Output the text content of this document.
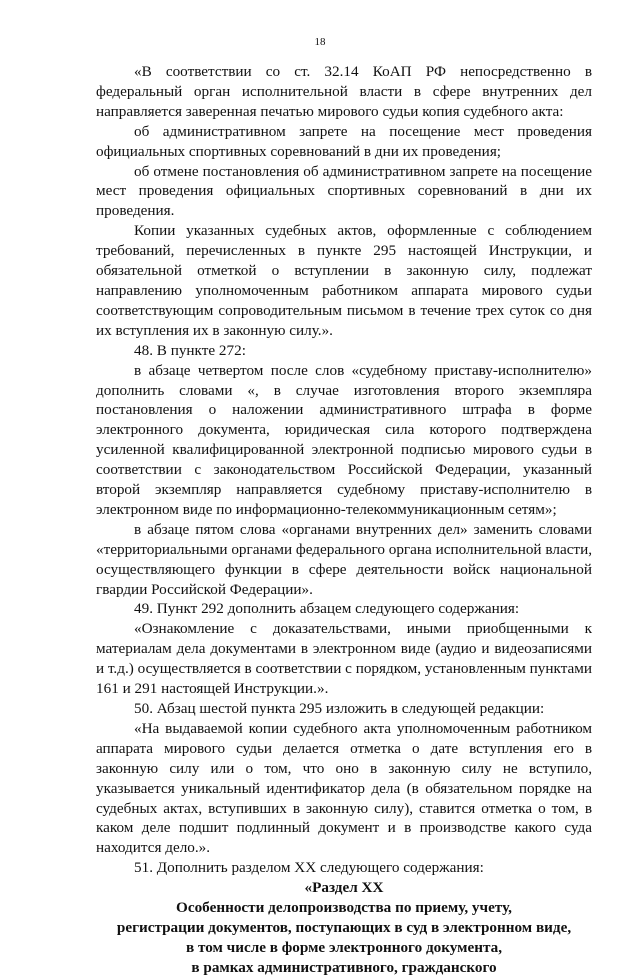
18

«В соответствии со ст. 32.14 КоАП РФ непосредственно в федеральный орган исполнительной власти в сфере внутренних дел направляется заверенная печатью мирового судьи копия судебного акта:

об административном запрете на посещение мест проведения официальных спортивных соревнований в дни их проведения;

об отмене постановления об административном запрете на посещение мест проведения официальных спортивных соревнований в дни их проведения.

Копии указанных судебных актов, оформленные с соблюдением требований, перечисленных в пункте 295 настоящей Инструкции, и обязательной отметкой о вступлении в законную силу, подлежат направлению уполномоченным работником аппарата мирового судьи соответствующим сопроводительным письмом в течение трех суток со дня их вступления их в законную силу.».

48. В пункте 272:

в абзаце четвертом после слов «судебному приставу-исполнителю» дополнить словами «, в случае изготовления второго экземпляра постановления о наложении административного штрафа в форме электронного документа, юридическая сила которого подтверждена усиленной квалифицированной электронной подписью мирового судьи в соответствии с законодательством Российской Федерации, указанный второй экземпляр направляется судебному приставу-исполнителю в электронном виде по информационно-телекоммуникационным сетям»;

в абзаце пятом слова «органами внутренних дел» заменить словами «территориальными органами федерального органа исполнительной власти, осуществляющего функции в сфере деятельности войск национальной гвардии Российской Федерации».

49. Пункт 292 дополнить абзацем следующего содержания:

«Ознакомление с доказательствами, иными приобщенными к материалам дела документами в электронном виде (аудио и видеозаписями и т.д.) осуществляется в соответствии с порядком, установленным пунктами 161 и 291 настоящей Инструкции.».

50. Абзац шестой пункта 295 изложить в следующей редакции:

«На выдаваемой копии судебного акта уполномоченным работником аппарата мирового судьи делается отметка о дате вступления его в законную силу или о том, что оно в законную силу не вступило, указывается уникальный идентификатор дела (в обязательном порядке на судебных актах, вступивших в законную силу), ставится отметка о том, в каком деле подшит подлинный документ и в производстве какого суда находится дело.».

51. Дополнить разделом XX следующего содержания:

«Раздел XX

Особенности делопроизводства по приему, учету,

регистрации документов, поступающих в суд в электронном виде,

в том числе в форме электронного документа,

в рамках административного, гражданского
